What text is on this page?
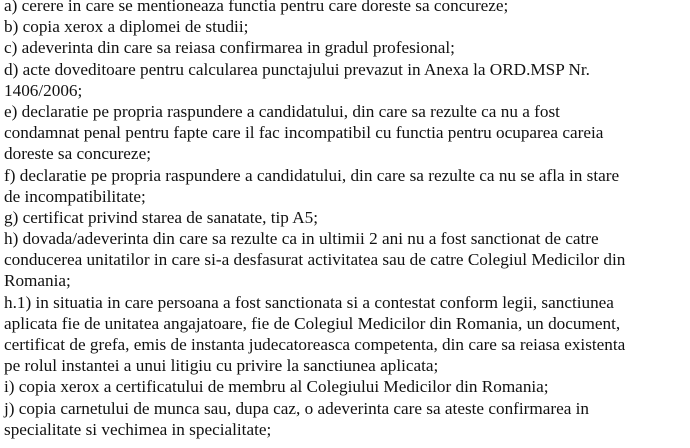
a) cerere in care se mentioneaza functia pentru care doreste sa concureze;
b) copia xerox a diplomei de studii;
c) adeverinta din care sa reiasa confirmarea in gradul profesional;
d) acte doveditoare pentru calcularea punctajului prevazut in Anexa la ORD.MSP Nr.
1406/2006;
e) declaratie pe propria raspundere a candidatului, din care sa rezulte ca nu a fost
condamnat penal pentru fapte care il fac incompatibil cu functia pentru ocuparea careia
doreste sa concureze;
f) declaratie pe propria raspundere a candidatului, din care sa rezulte ca nu se afla in stare
de incompatibilitate;
g) certificat privind starea de sanatate, tip A5;
h) dovada/adeverinta din care sa rezulte ca in ultimii 2 ani nu a fost sanctionat de catre
conducerea unitatilor in care si-a desfasurat activitatea sau de catre Colegiul Medicilor din
Romania;
h.1) in situatia in care persoana a fost sanctionata si a contestat conform legii, sanctiunea
aplicata fie de unitatea angajatoare, fie de Colegiul Medicilor din Romania, un document,
certificat de grefa, emis de instanta judecatoreasca competenta, din care sa reiasa existenta
pe rolul instantei a unui litigiu cu privire la sanctiunea aplicata;
i) copia xerox a certificatului de membru al Colegiului Medicilor din Romania;
j) copia carnetului de munca sau, dupa caz, o adeverinta care sa ateste confirmarea in
specialitate si vechimea in specialitate;
